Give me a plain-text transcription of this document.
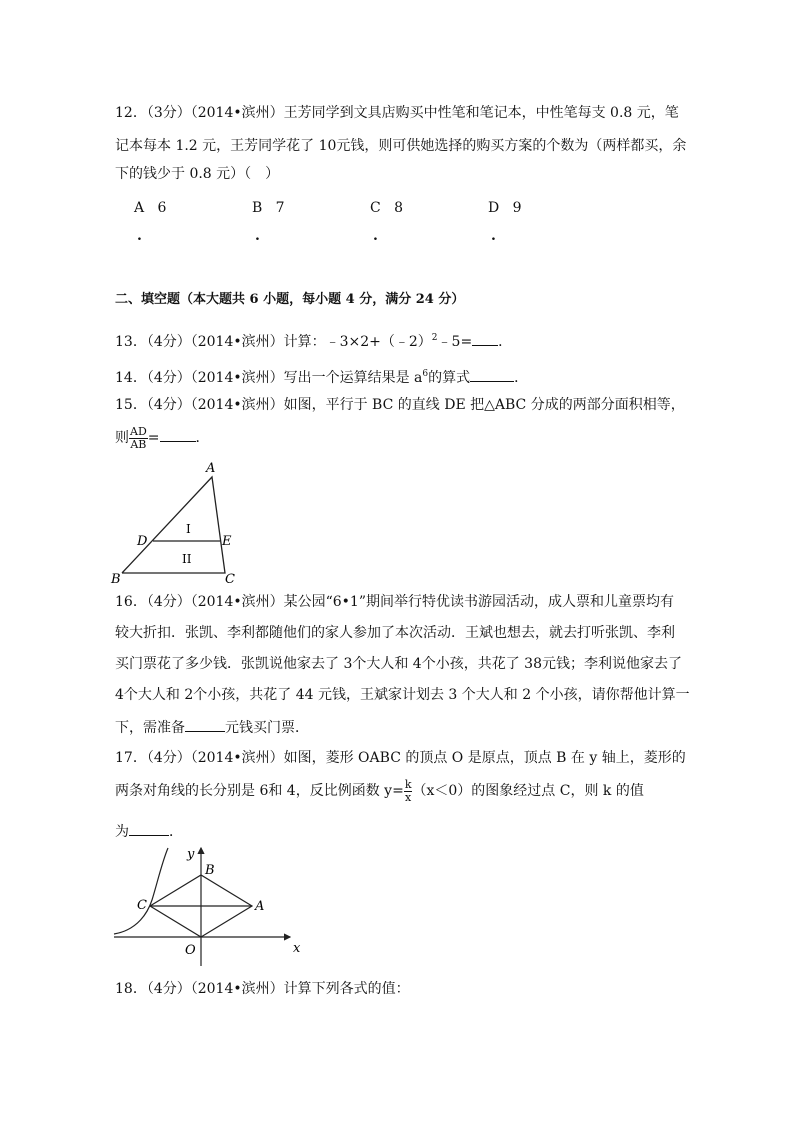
12．（3分）（2014•滨州）王芳同学到文具店购买中性笔和笔记本，中性笔每支 0.8 元，笔
记本每本 1.2 元，王芳同学花了 10元钱，则可供她选择的购买方案的个数为（两样都买，余
下的钱少于 0.8 元）（　）
A 6	B 7	C 8	D 9
.	.	.	.
二、填空题（本大题共 6 小题，每小题 4 分，满分 24 分）
13．（4分）（2014•滨州）计算：﹣3×2+（﹣2）$^2$﹣5= ．
14．（4分）（2014•滨州）写出一个运算结果是 $a^6$的算式	．
15．（4分）（2014•滨州）如图，平行于 BC 的直线 DE 把△ABC 分成的两部分面积相等，
则 $\frac{AD}{AB}$ =	．
A
B	C
D	E
I
II
16．（4分）（2014•滨州）某公园“6•1”期间举行特优读书游园活动，成人票和儿童票均有
较大折扣．张凯、李利都随他们的家人参加了本次活动．王斌也想去，就去打听张凯、李利
买门票花了多少钱．张凯说他家去了 3个大人和 4个小孩，共花了 38元钱；李利说他家去了
4个大人和 2个小孩，共花了 44 元钱，王斌家计划去 3 个大人和 2 个小孩，请你帮他计算一
下，需准备	元钱买门票．
17．（4分）（2014•滨州）如图，菱形 OABC 的顶点 O 是原点，顶点 B 在 y 轴上，菱形的
两条对角线的长分别是 6和 4，反比例函数 $y= \frac{k}{x} (x<0)$的图象经过点 C，则 k 的值
为	．
y
x
B
A
C
O
18．（4分）（2014•滨州）计算下列各式的值：
